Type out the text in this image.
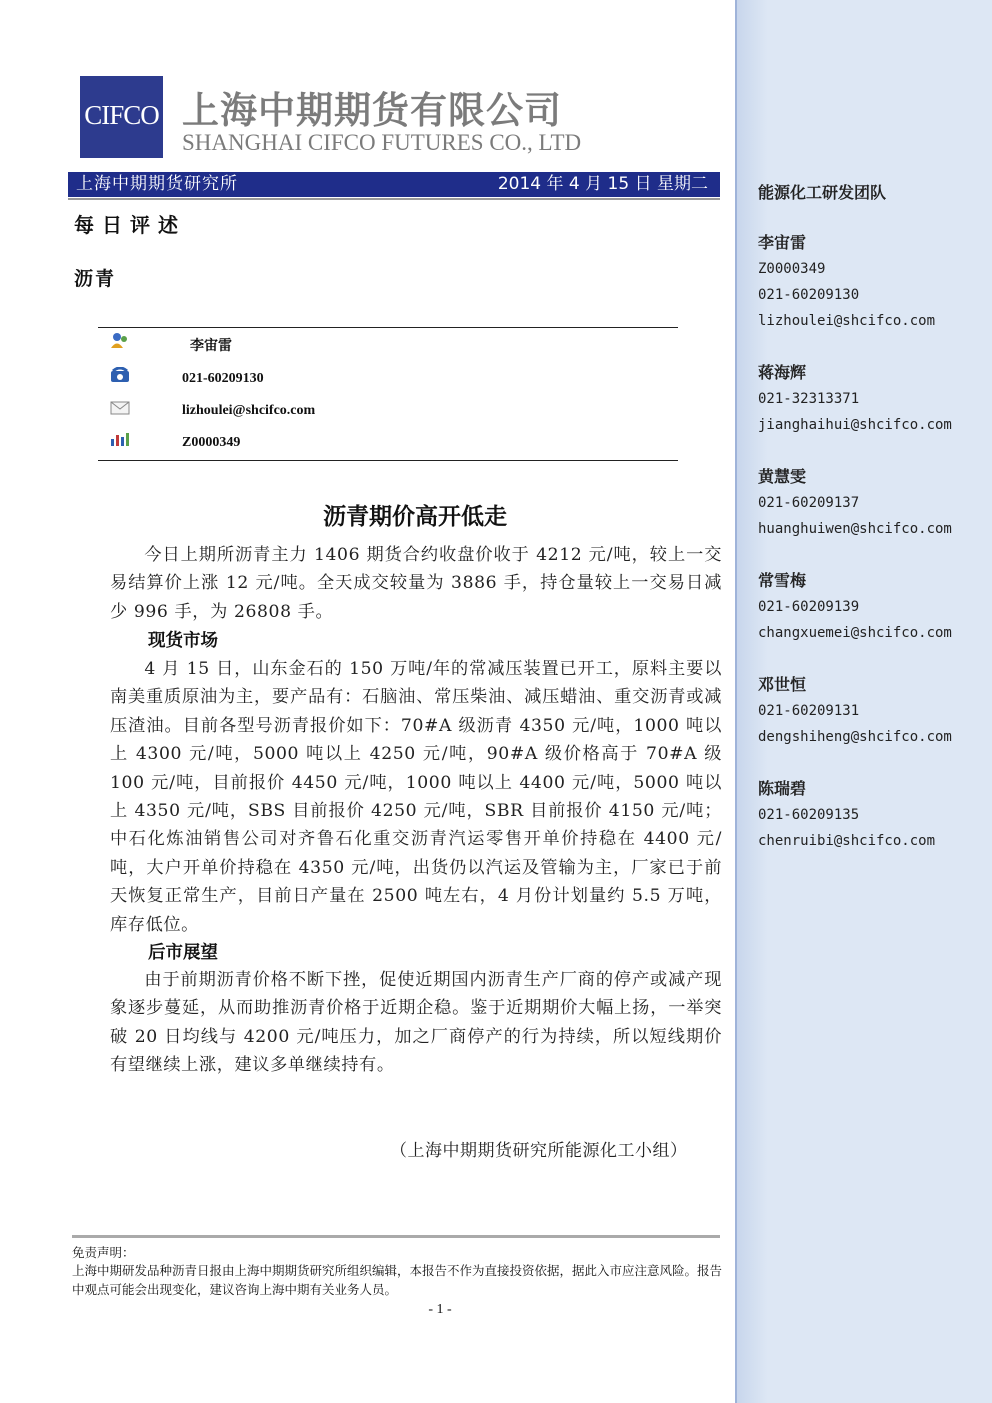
CIFCO 上海中期期货有限公司
SHANGHAI CIFCO FUTURES CO., LTD
上海中期期货研究所	2014 年 4 月 15 日 星期二
每日评述
沥青
李宙雷
021-60209130
lizhoulei@shcifco.com
Z0000349
沥青期价高开低走

今日上期所沥青主力 1406 期货合约收盘价收于 4212 元/吨，较上一交易结算价上涨 12 元/吨。全天成交较量为 3886 手，持仓量较上一交易日减少 996 手，为 26808 手。

现货市场

4 月 15 日，山东金石的 150 万吨/年的常减压装置已开工，原料主要以南美重质原油为主，要产品有：石脑油、常压柴油、减压蜡油、重交沥青或减压渣油。目前各型号沥青报价如下：70#A 级沥青 4350 元/吨，1000 吨以上 4300 元/吨，5000 吨以上 4250 元/吨，90#A 级价格高于 70#A 级 100 元/吨，目前报价 4450 元/吨，1000 吨以上 4400 元/吨，5000 吨以上 4350 元/吨，SBS 目前报价 4250 元/吨，SBR 目前报价 4150 元/吨；中石化炼油销售公司对齐鲁石化重交沥青汽运零售开单价持稳在 4400 元/吨，大户开单价持稳在 4350 元/吨，出货仍以汽运及管输为主，厂家已于前天恢复正常生产，目前日产量在 2500 吨左右，4 月份计划量约 5.5 万吨，库存低位。

后市展望

由于前期沥青价格不断下挫，促使近期国内沥青生产厂商的停产或减产现象逐步蔓延，从而助推沥青价格于近期企稳。鉴于近期期价大幅上扬，一举突破 20 日均线与 4200 元/吨压力，加之厂商停产的行为持续，所以短线期价有望继续上涨，建议多单继续持有。

（上海中期期货研究所能源化工小组）
免责声明：
上海中期研发品种沥青日报由上海中期期货研究所组织编辑，本报告不作为直接投资依据，据此入市应注意风险。报告中观点可能会出现变化，建议咨询上海中期有关业务人员。
- 1 -
能源化工研发团队
李宙雷
Z0000349
021-60209130
lizhoulei@shcifco.com
蒋海辉
021-32313371
jianghaihui@shcifco.com
黄慧雯
021-60209137
huanghuiwen@shcifco.com
常雪梅
021-60209139
changxuemei@shcifco.com
邓世恒
021-60209131
dengshiheng@shcifco.com
陈瑞碧
021-60209135
chenruibi@shcifco.com
